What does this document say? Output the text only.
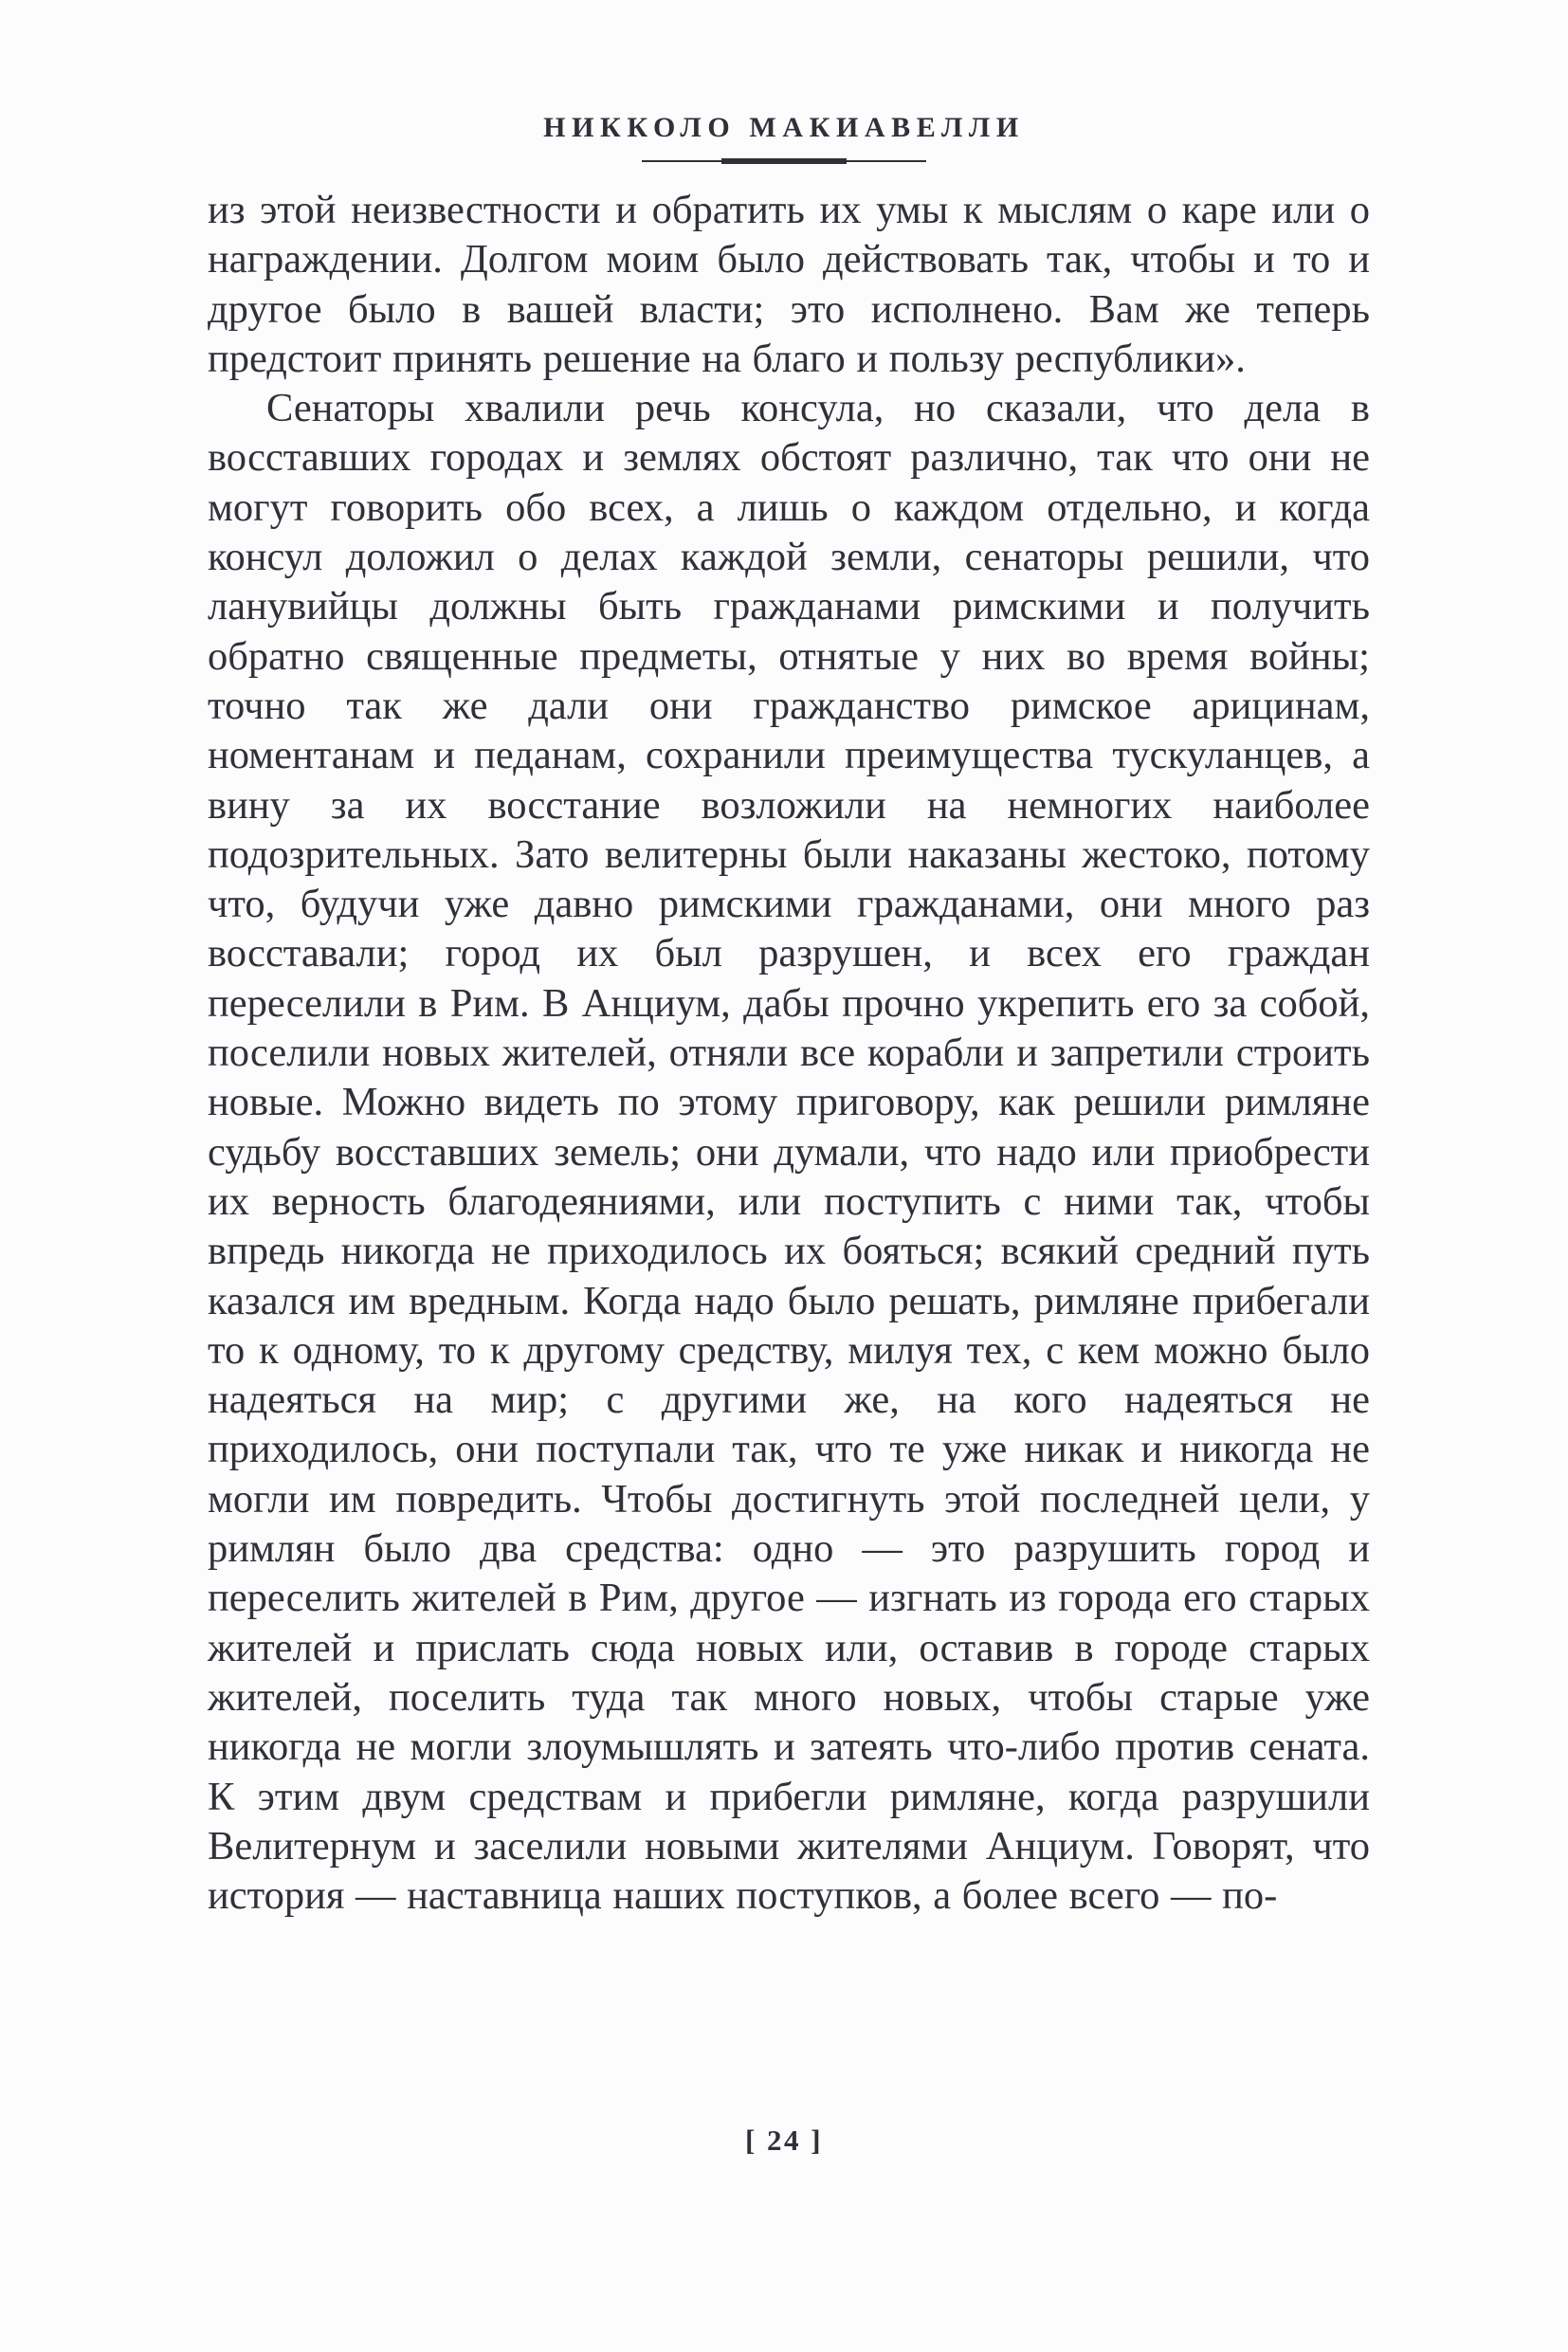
НИККОЛО МАКИАВЕЛЛИ

из этой неизвестности и обратить их умы к мыслям о каре или о награждении. Долгом моим было действовать так, чтобы и то и другое было в вашей власти; это исполнено. Вам же теперь предстоит принять решение на благо и пользу республики».

Сенаторы хвалили речь консула, но сказали, что дела в восставших городах и землях обстоят различно, так что они не могут говорить обо всех, а лишь о каждом отдельно, и когда консул доложил о делах каждой земли, сенаторы решили, что ланувийцы должны быть гражданами римскими и получить обратно священные предметы, отнятые у них во время войны; точно так же дали они гражданство римское арицинам, номентанам и педанам, сохранили преимущества тускуланцев, а вину за их восстание возложили на немногих наиболее подозрительных. Зато велитерны были наказаны жестоко, потому что, будучи уже давно римскими гражданами, они много раз восставали; город их был разрушен, и всех его граждан переселили в Рим. В Анциум, дабы прочно укрепить его за собой, поселили новых жителей, отняли все корабли и запретили строить новые. Можно видеть по этому приговору, как решили римляне судьбу восставших земель; они думали, что надо или приобрести их верность благодеяниями, или поступить с ними так, чтобы впредь никогда не приходилось их бояться; всякий средний путь казался им вредным. Когда надо было решать, римляне прибегали то к одному, то к другому средству, милуя тех, с кем можно было надеяться на мир; с другими же, на кого надеяться не приходилось, они поступали так, что те уже никак и никогда не могли им повредить. Чтобы достигнуть этой последней цели, у римлян было два средства: одно — это разрушить город и переселить жителей в Рим, другое — изгнать из города его старых жителей и прислать сюда новых или, оставив в городе старых жителей, поселить туда так много новых, чтобы старые уже никогда не могли злоумышлять и затеять что-либо против сената. К этим двум средствам и прибегли римляне, когда разрушили Велитернум и заселили новыми жителями Анциум. Говорят, что история — наставница наших поступков, а более всего — по-

[ 24 ]
